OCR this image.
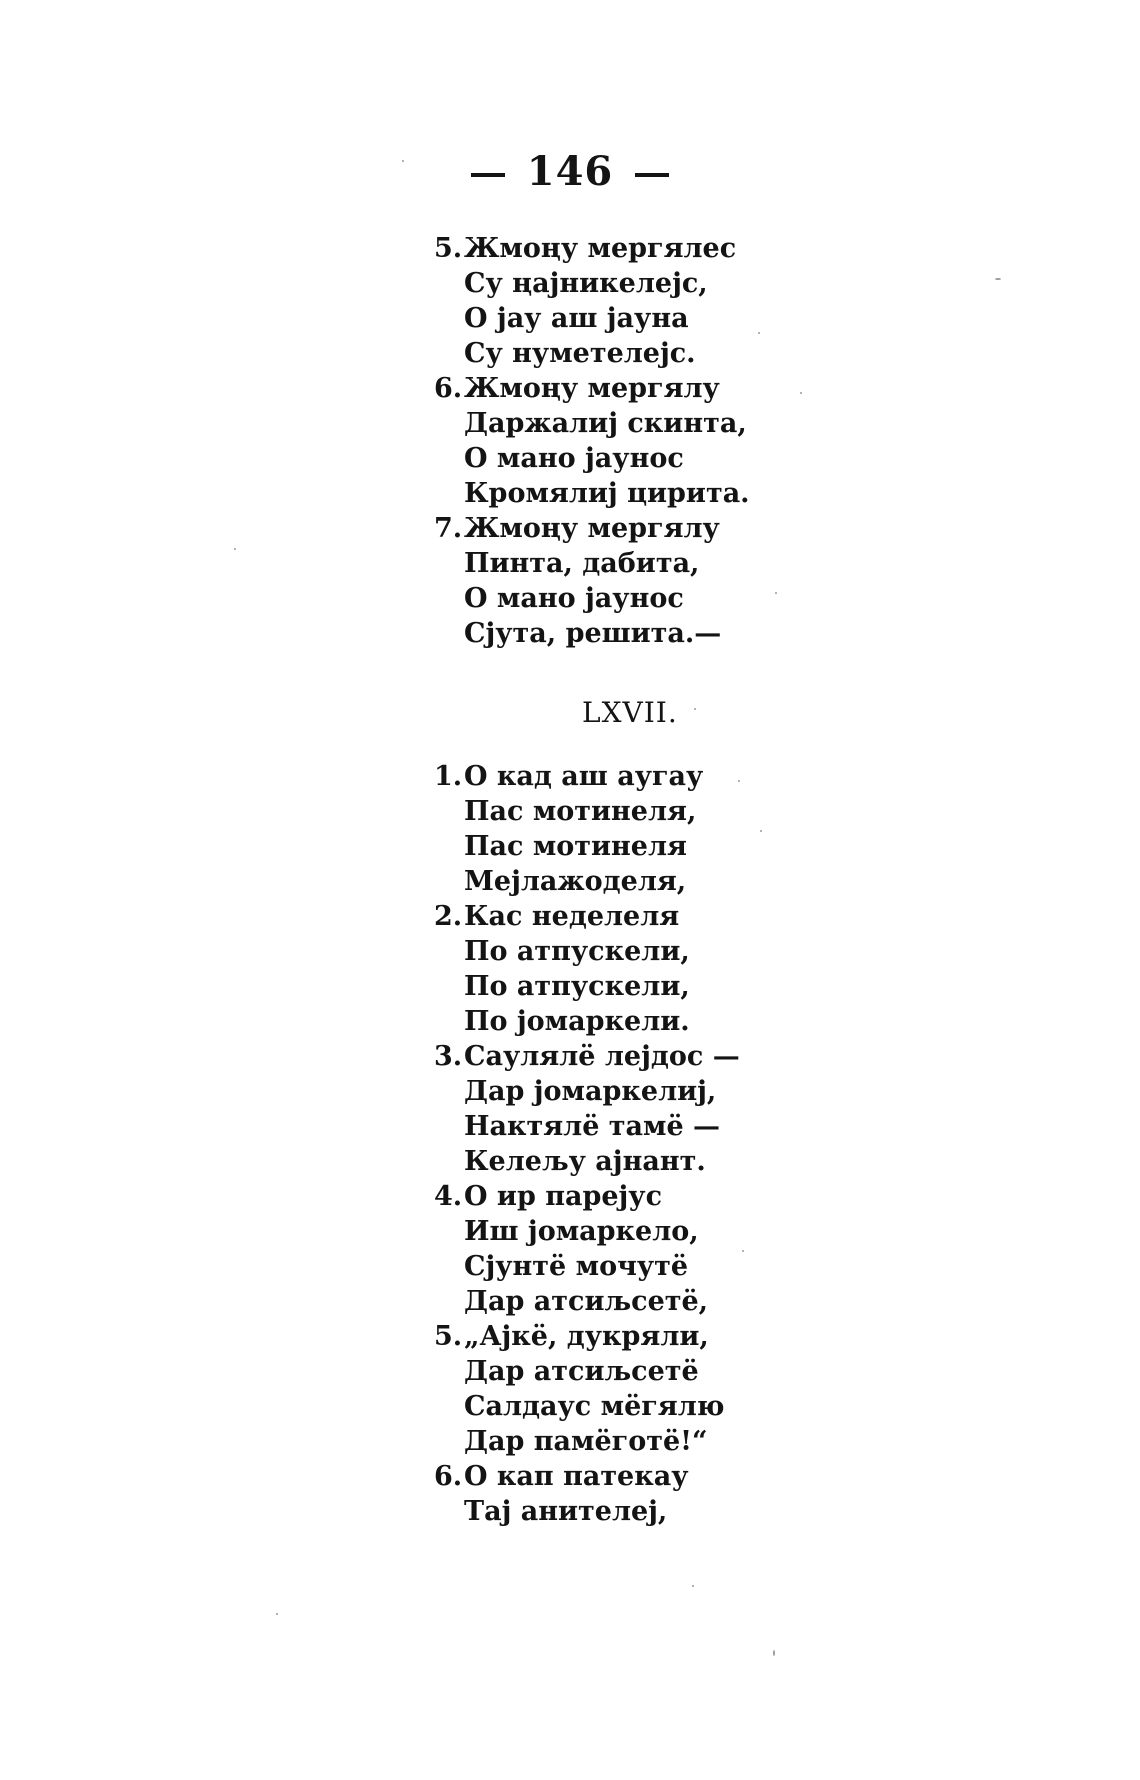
146
5.Жмоңу мергялес
Су ңајникелејс,
О јау аш јауна
Су нуметелејс.
6.Жмоңу мергялу
Даржалиј скинта,
О мано јаунос
Кромялиј цирита.
7.Жмоңу мергялу
Пинта, дабита,
О мано јаунос
Сјута, решита.—
LXVII.
1.О кад аш аугау
Пас мотинеля,
Пас мотинеля
Мејлажоделя,
2.Кас неделеля
По атпускели,
По атпускели,
По јомаркели.
3.Саулялё лејдос —
Дар јомаркелиј,
Нактялё тамё —
Келељу ајнант.
4.О ир парејус
Иш јомаркело,
Сјунтё мочутё
Дар атсиљсетё,
5.„Ајкё, дукряли,
Дар атсиљсетё
Салдаус мёгялю
Дар памёготё!“
6.О кап патекау
Тај анителеј,
